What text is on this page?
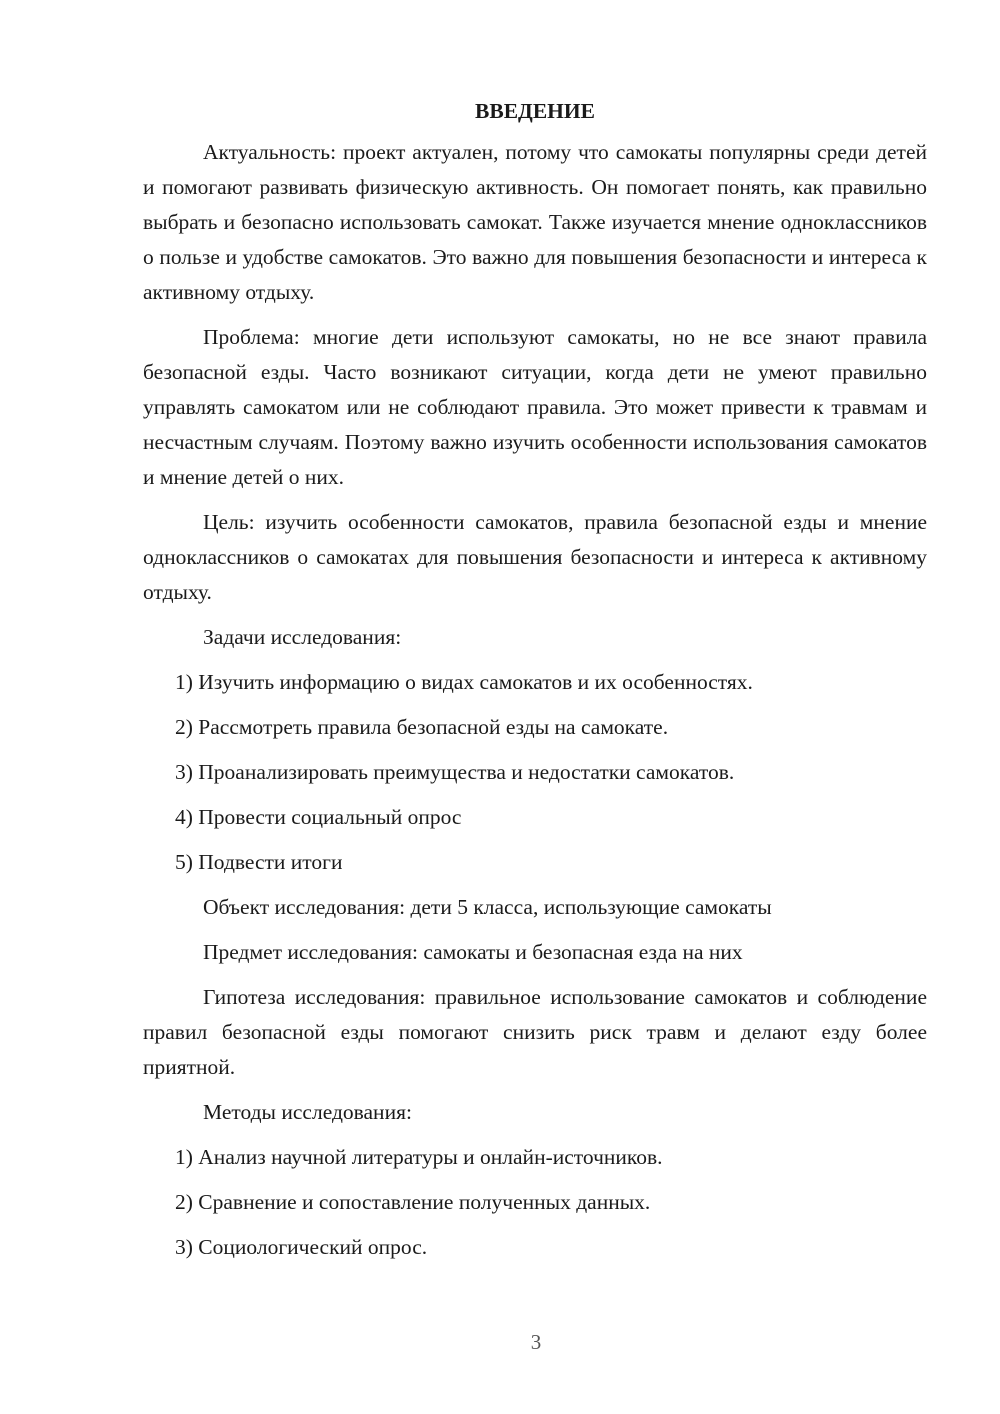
ВВЕДЕНИЕ

Актуальность: проект актуален, потому что самокаты популярны среди детей и помогают развивать физическую активность. Он помогает понять, как правильно выбрать и безопасно использовать самокат. Также изучается мнение одноклассников о пользе и удобстве самокатов. Это важно для повышения безопасности и интереса к активному отдыху.

Проблема: многие дети используют самокаты, но не все знают правила безопасной езды. Часто возникают ситуации, когда дети не умеют правильно управлять самокатом или не соблюдают правила. Это может привести к травмам и несчастным случаям. Поэтому важно изучить особенности использования самокатов и мнение детей о них.

Цель: изучить особенности самокатов, правила безопасной езды и мнение одноклассников о самокатах для повышения безопасности и интереса к активному отдыху.

Задачи исследования:

1) Изучить информацию о видах самокатов и их особенностях.
2) Рассмотреть правила безопасной езды на самокате.
3) Проанализировать преимущества и недостатки самокатов.
4) Провести социальный опрос
5) Подвести итоги

Объект исследования: дети 5 класса, использующие самокаты

Предмет исследования: самокаты и безопасная езда на них

Гипотеза исследования: правильное использование самокатов и соблюдение правил безопасной езды помогают снизить риск травм и делают езду более приятной.

Методы исследования:

1) Анализ научной литературы и онлайн-источников.
2) Сравнение и сопоставление полученных данных.
3) Социологический опрос.
3
